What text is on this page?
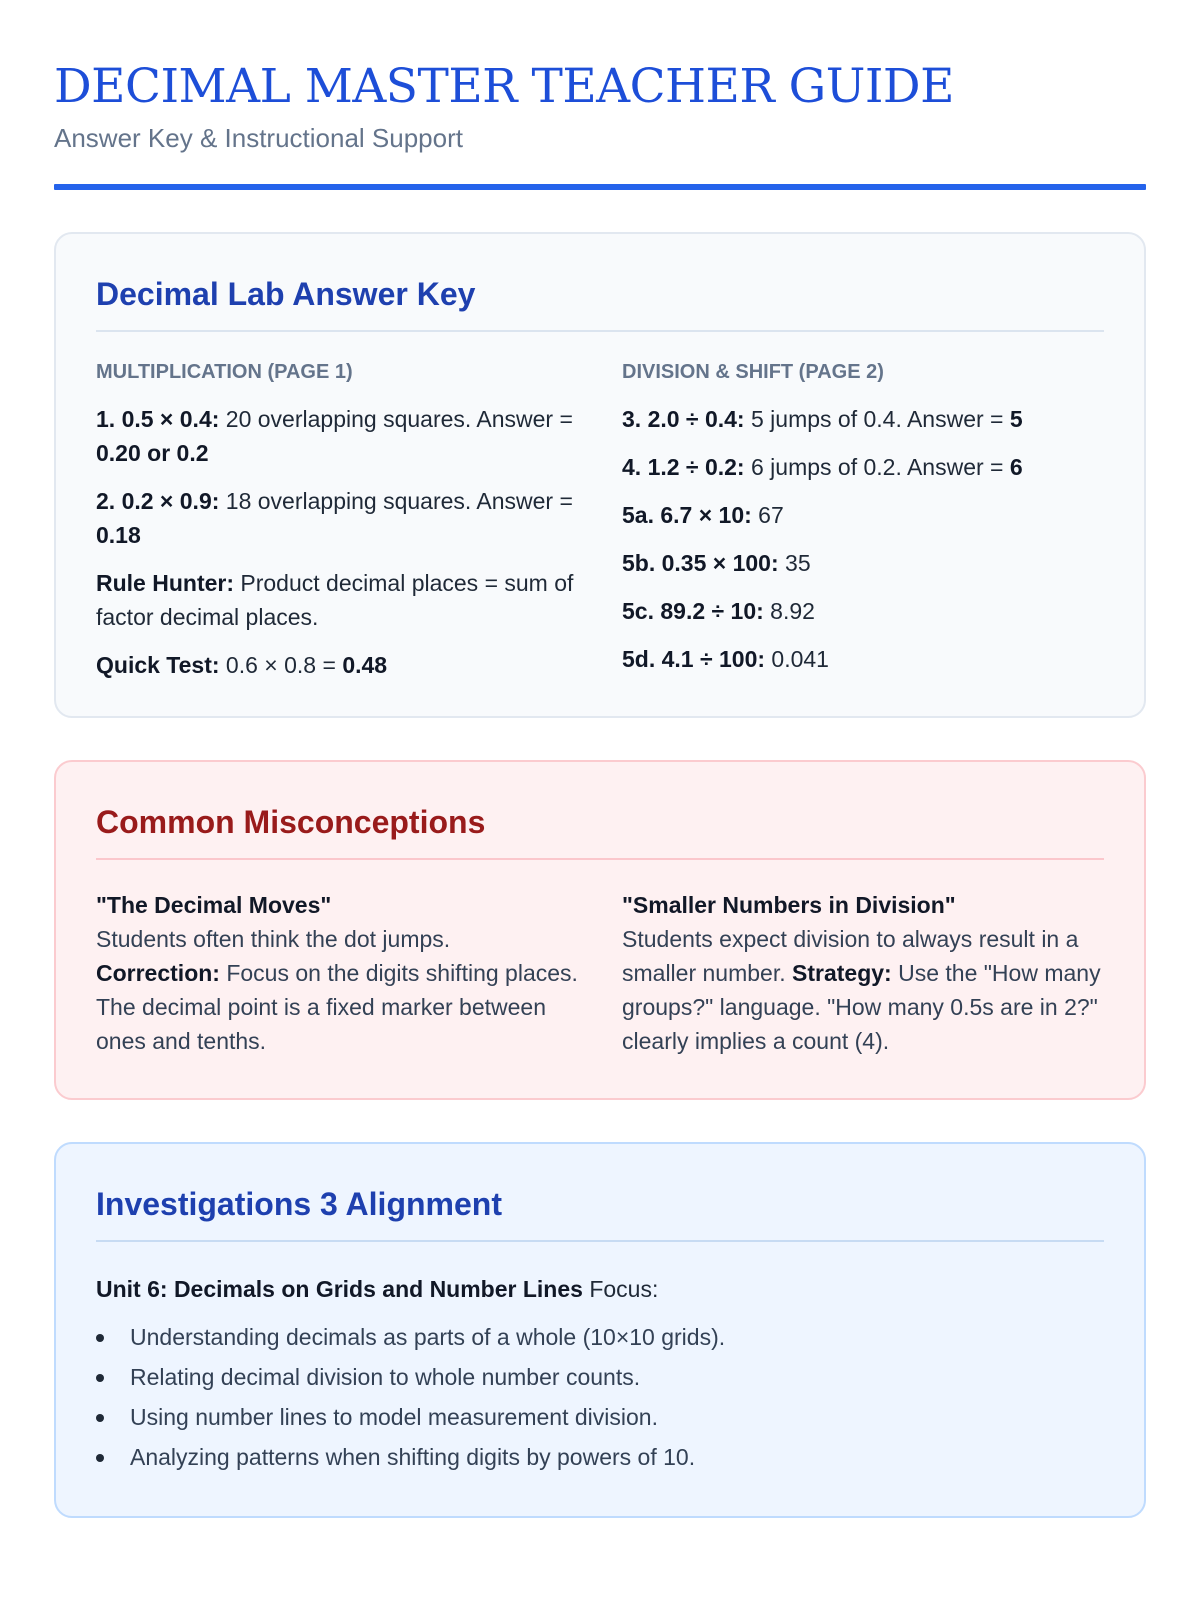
DECIMAL MASTER TEACHER GUIDE

Answer Key & Instructional Support

Decimal Lab Answer Key
MULTIPLICATION (PAGE 1)

1. 0.5 × 0.4: 20 overlapping squares. Answer = 0.20 or 0.2

2. 0.2 × 0.9: 18 overlapping squares. Answer = 0.18

Rule Hunter: Product decimal places = sum of factor decimal places.

Quick Test: 0.6 × 0.8 = 0.48

DIVISION & SHIFT (PAGE 2)

3. 2.0 ÷ 0.4: 5 jumps of 0.4. Answer = 5

4. 1.2 ÷ 0.2: 6 jumps of 0.2. Answer = 6

5a. 6.7 × 10: 67

5b. 0.35 × 100: 35

5c. 89.2 ÷ 10: 8.92

5d. 4.1 ÷ 100: 0.041

Common Misconceptions

"The Decimal Moves"

Students often think the dot jumps. Correction: Focus on the digits shifting places. The decimal point is a fixed marker between ones and tenths.

"Smaller Numbers in Division"

Students expect division to always result in a smaller number. Strategy: Use the "How many groups?" language. "How many 0.5s are in 2?" clearly implies a count (4).

Investigations 3 Alignment

Unit 6: Decimals on Grids and Number Lines Focus:

Understanding decimals as parts of a whole (10×10 grids).
Relating decimal division to whole number counts.
Using number lines to model measurement division.
Analyzing patterns when shifting digits by powers of 10.
